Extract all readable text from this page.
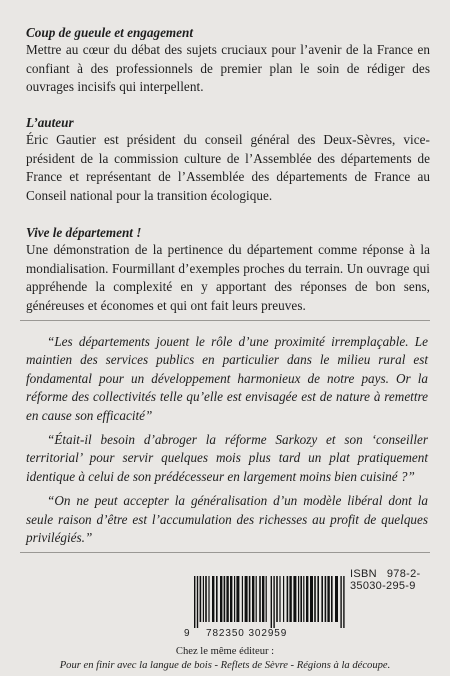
Coup de gueule et engagement

Mettre au cœur du débat des sujets cruciaux pour l’avenir de la France en confiant à des professionnels de premier plan le soin de rédiger des ouvrages incisifs qui interpellent.

L’auteur

Éric Gautier est président du conseil général des Deux-Sèvres, vice-président de la commission culture de l’Assemblée des départements de France et représentant de l’Assemblée des départements de France au Conseil national pour la transition écologique.

Vive le département !

Une démonstration de la pertinence du département comme réponse à la mondialisation. Fourmillant d’exemples proches du terrain. Un ouvrage qui appréhende la complexité en y apportant des réponses de bon sens, généreuses et économes et qui ont fait leurs preuves.

“Les départements jouent le rôle d’une proximité irremplaçable. Le maintien des services publics en particulier dans le milieu rural est fondamental pour un développement harmonieux de notre pays. Or la réforme des collectivités telle qu’elle est envisagée est de nature à remettre en cause son efficacité”

“Était-il besoin d’abroger la réforme Sarkozy et son ‘conseiller territorial’ pour servir quelques mois plus tard un plat pratiquement identique à celui de son prédécesseur en largement moins bien cuisiné ?”

“On ne peut accepter la généralisation d’un modèle libéral dont la seule raison d’être est l’accumulation des richesses au profit de quelques privilégiés.”

ISBN 978-2-35030-295-9
9 782350 302959
Chez le même éditeur :
Pour en finir avec la langue de bois - Reflets de Sèvre - Régions à la découpe.
